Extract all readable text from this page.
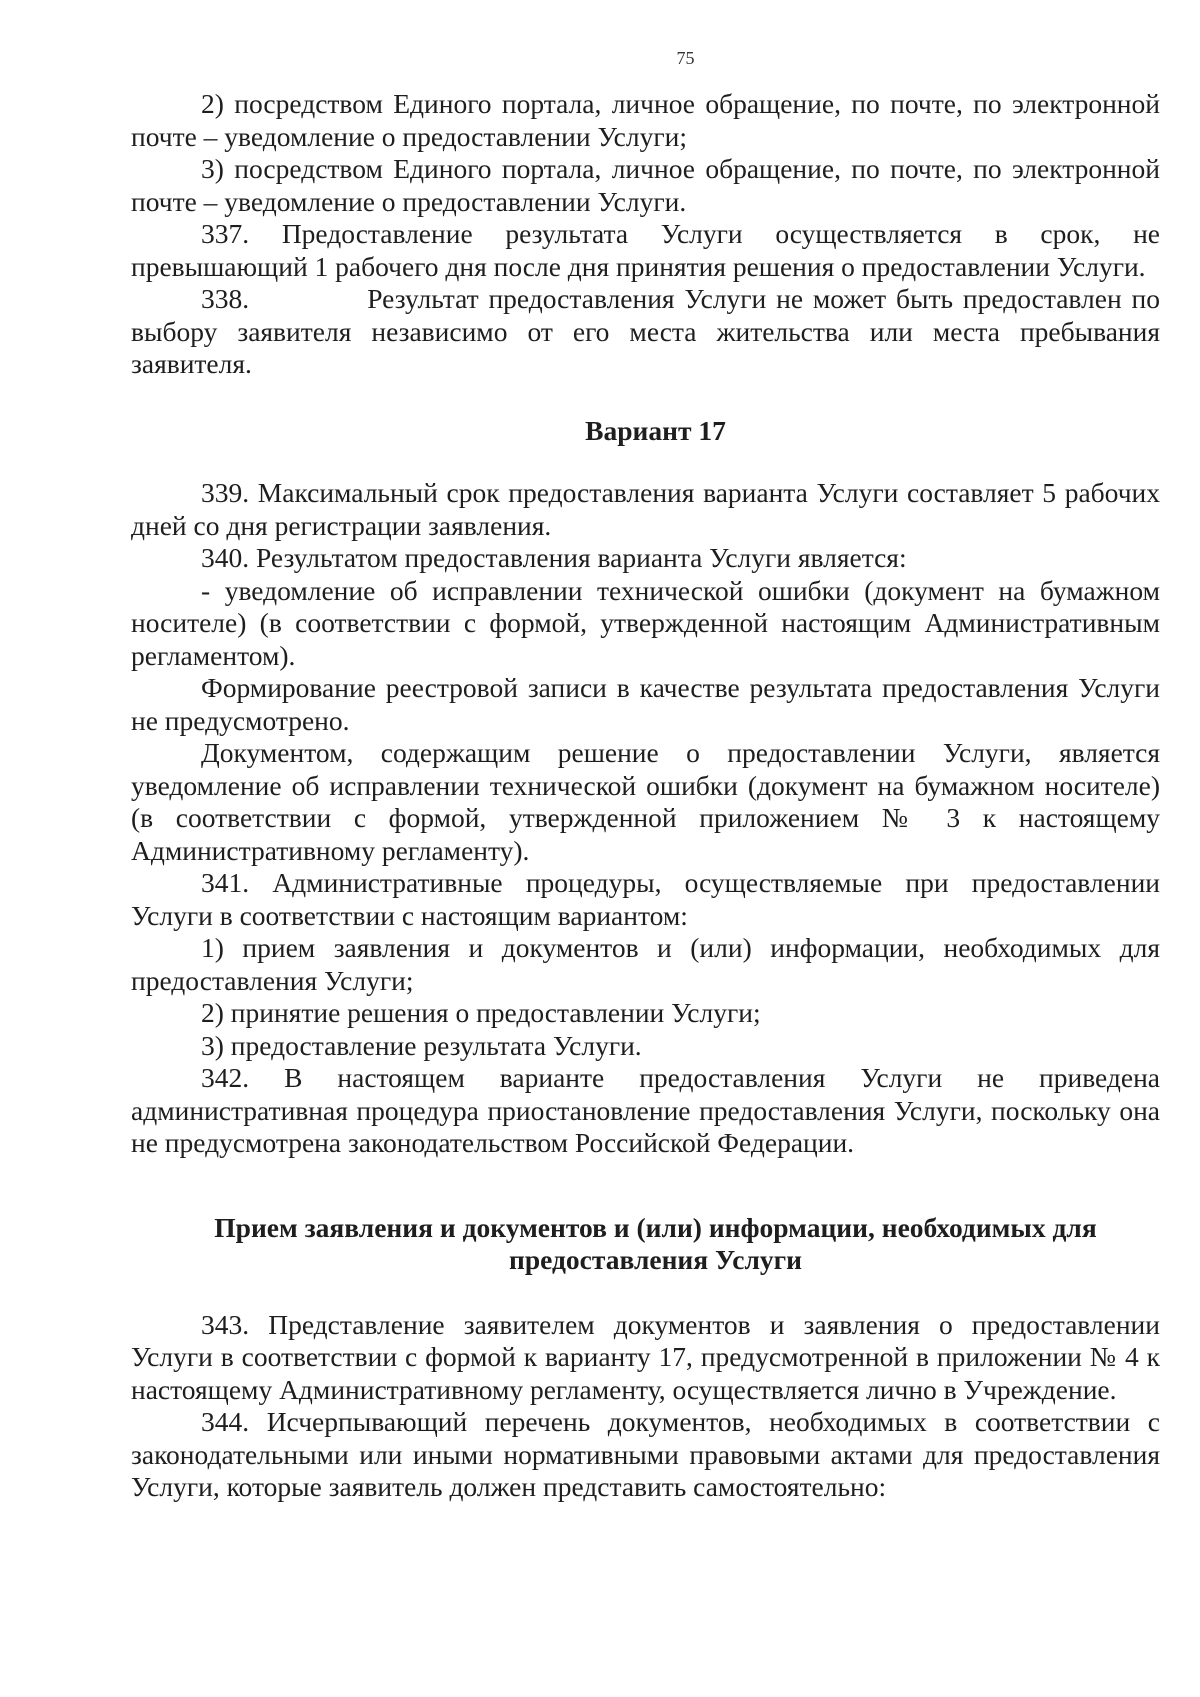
75

2) посредством Единого портала, личное обращение, по почте, по электронной почте – уведомление о предоставлении Услуги;

3) посредством Единого портала, личное обращение, по почте, по электронной почте – уведомление о предоставлении Услуги.

337. Предоставление результата Услуги осуществляется в срок, не превышающий 1 рабочего дня после дня принятия решения о предоставлении Услуги.

338.            Результат предоставления Услуги не может быть предоставлен по выбору заявителя независимо от его места жительства или места пребывания заявителя.

Вариант 17

339. Максимальный срок предоставления варианта Услуги составляет 5 рабочих дней со дня регистрации заявления.

340. Результатом предоставления варианта Услуги является:

- уведомление об исправлении технической ошибки (документ на бумажном носителе) (в соответствии с формой, утвержденной настоящим Административным регламентом).

Формирование реестровой записи в качестве результата предоставления Услуги не предусмотрено.

Документом, содержащим решение о предоставлении Услуги, является уведомление об исправлении технической ошибки (документ на бумажном носителе) (в соответствии с формой, утвержденной приложением № 3 к настоящему Административному регламенту).

341. Административные процедуры, осуществляемые при предоставлении Услуги в соответствии с настоящим вариантом:

1) прием заявления и документов и (или) информации, необходимых для предоставления Услуги;

2) принятие решения о предоставлении Услуги;

3) предоставление результата Услуги.

342. В настоящем варианте предоставления Услуги не приведена административная процедура приостановление предоставления Услуги, поскольку она не предусмотрена законодательством Российской Федерации.

Прием заявления и документов и (или) информации, необходимых для предоставления Услуги

343. Представление заявителем документов и заявления о предоставлении Услуги в соответствии с формой к варианту 17, предусмотренной в приложении № 4 к настоящему Административному регламенту, осуществляется лично в Учреждение.

344. Исчерпывающий перечень документов, необходимых в соответствии с законодательными или иными нормативными правовыми актами для предоставления Услуги, которые заявитель должен представить самостоятельно:
